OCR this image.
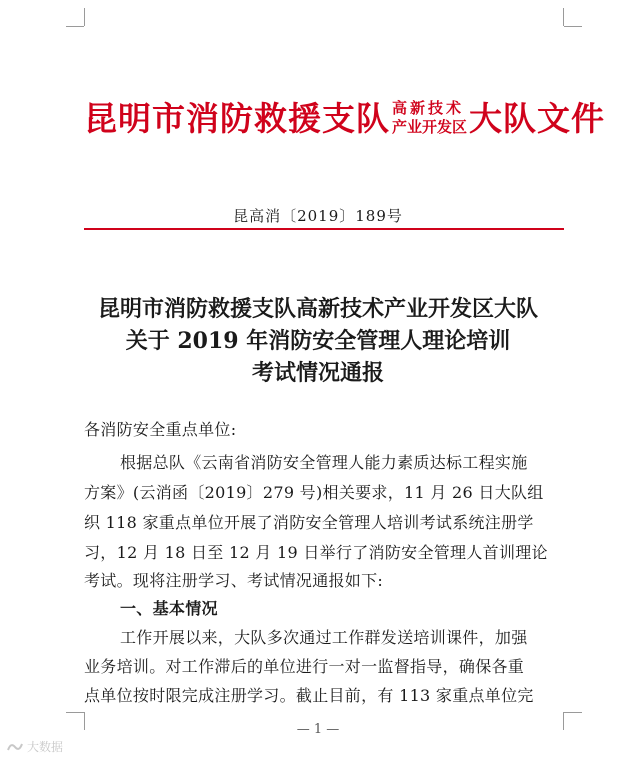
昆明市消防救援支队 高新技术
产业开发区 大队文件
昆高消〔2019〕189号
昆明市消防救援支队高新技术产业开发区大队
关于 2019 年消防安全管理人理论培训
考试情况通报
各消防安全重点单位:
根据总队《云南省消防安全管理人能力素质达标工程实施
方案》(云消函〔2019〕279 号)相关要求，11 月 26 日大队组
织 118 家重点单位开展了消防安全管理人培训考试系统注册学
习，12 月 18 日至 12 月 19 日举行了消防安全管理人首训理论
考试。现将注册学习、考试情况通报如下:
一、基本情况
工作开展以来，大队多次通过工作群发送培训课件，加强
业务培训。对工作滞后的单位进行一对一监督指导，确保各重
点单位按时限完成注册学习。截止目前，有 113 家重点单位完
— 1 —
大数据
